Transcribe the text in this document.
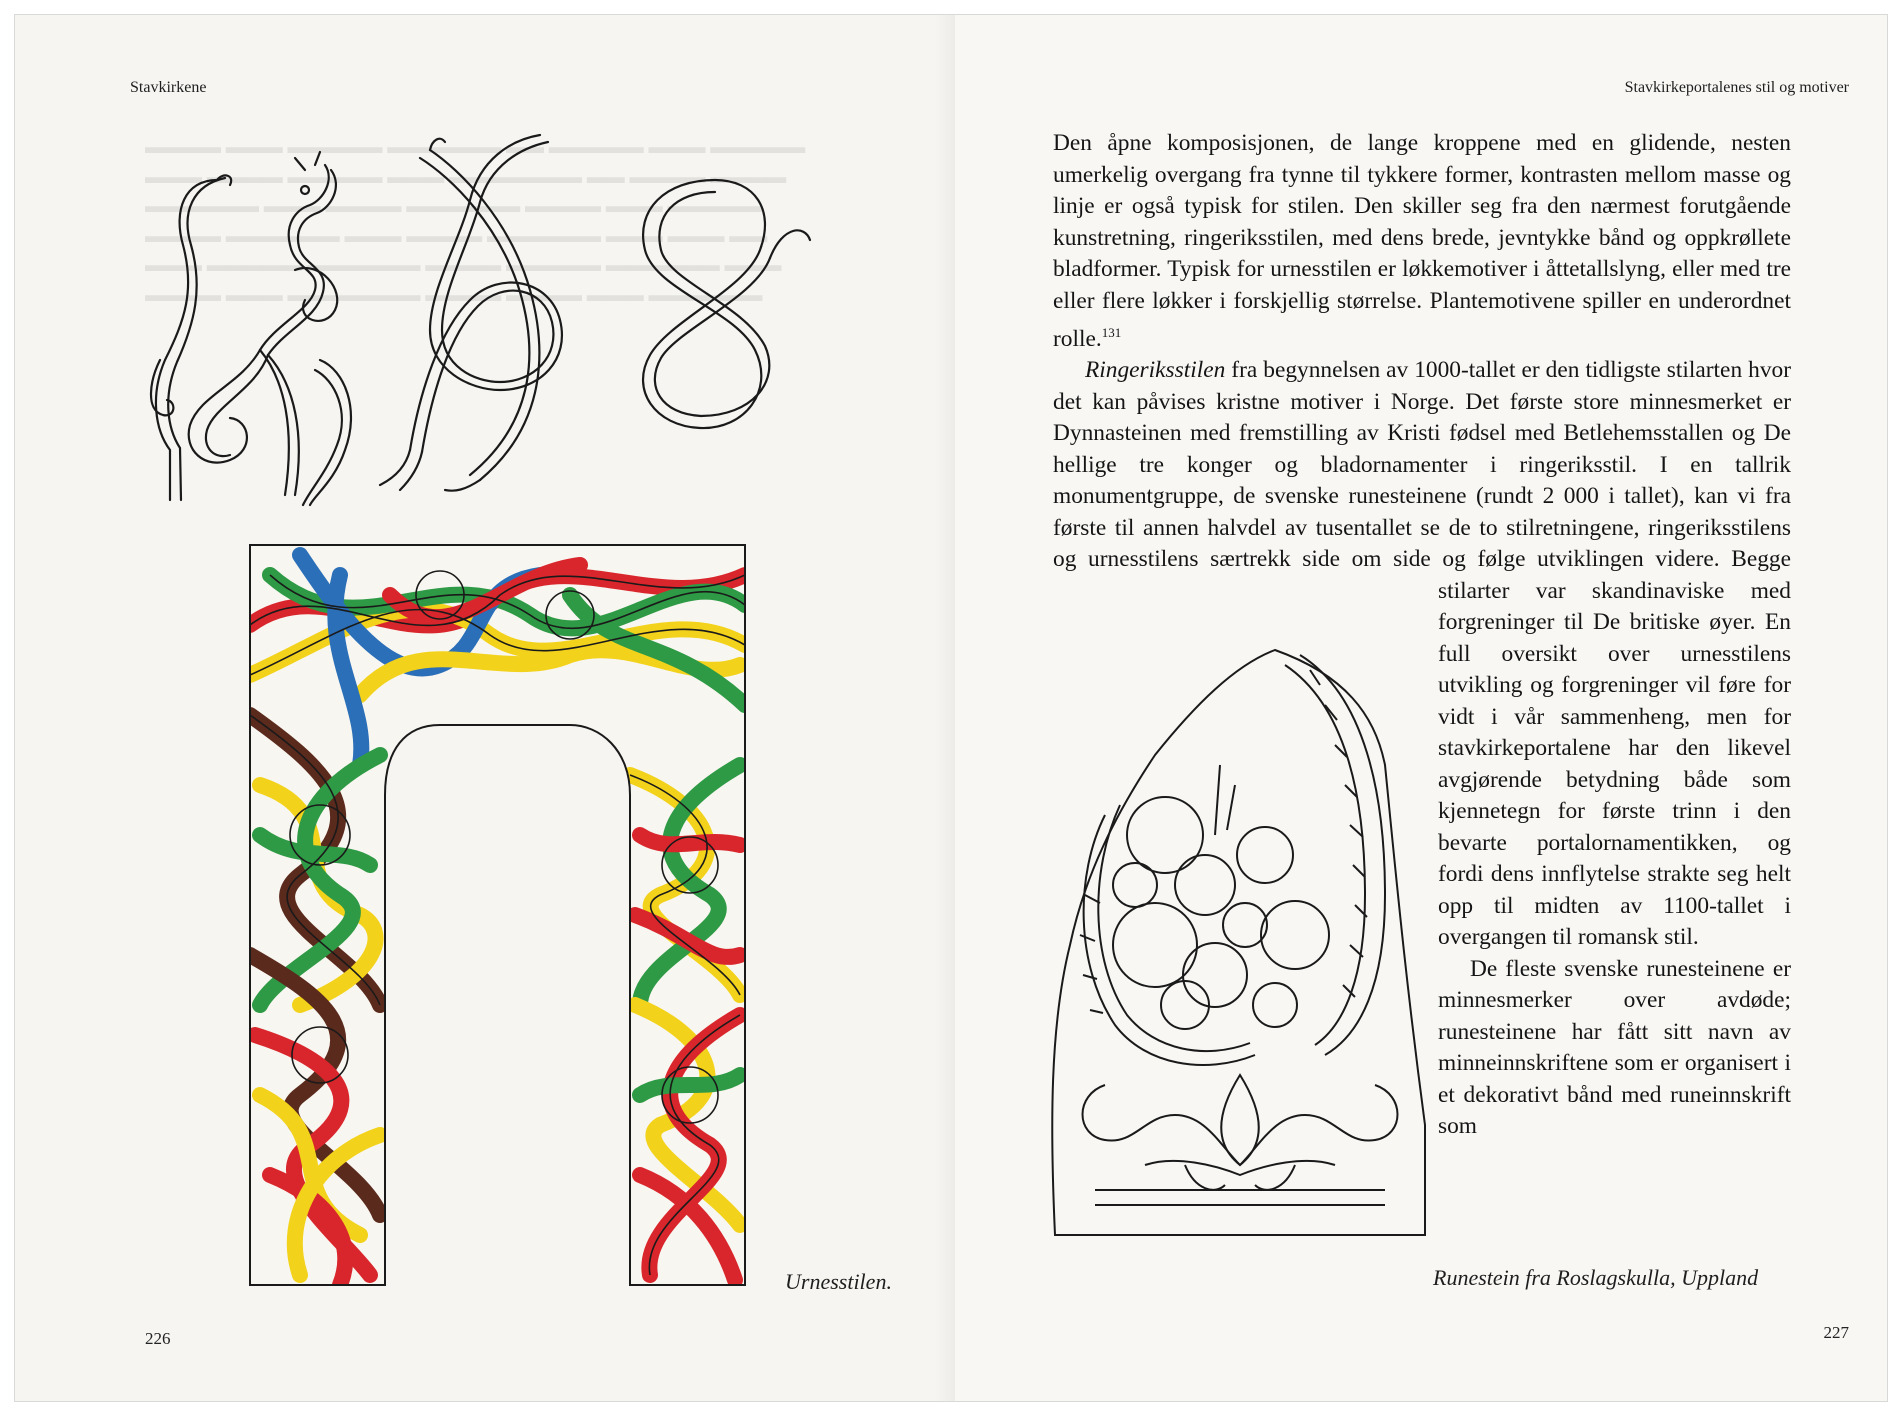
▬▬▬▬ ▬▬▬ ▬▬▬▬▬ ▬▬▬▬▬▬ ▬▬ ▬▬▬▬▬ ▬▬▬ ▬▬▬▬▬
▬▬▬ ▬▬▬▬ ▬▬▬▬▬ ▬▬▬ ▬▬▬▬▬▬▬ ▬▬ ▬▬▬▬ ▬▬▬▬
▬▬▬▬▬▬ ▬▬▬ ▬▬▬▬ ▬▬▬▬▬▬ ▬▬▬▬ ▬▬▬ ▬▬▬▬▬
▬▬▬▬ ▬▬▬▬▬▬ ▬▬▬ ▬▬▬▬ ▬▬▬▬▬▬ ▬▬▬ ▬▬▬ ▬▬
▬▬▬ ▬▬▬▬▬ ▬▬▬▬▬▬ ▬▬▬▬ ▬▬▬▬▬ ▬▬▬▬▬▬ ▬▬▬
▬▬▬▬ ▬▬▬ ▬▬▬▬▬▬▬ ▬▬▬▬ ▬▬▬▬ ▬▬▬ ▬▬▬▬▬▬
Stavkirkene
Urnesstilen.
226
Stavkirkeportalenes stil og motiver
227

Den åpne komposisjonen, de lange kroppene med en glidende, nesten umerkelig overgang fra tynne til tykkere former, kontrasten mellom masse og linje er også typisk for stilen. Den skiller seg fra den nærmest forutgående kunstretning, ringeriksstilen, med dens brede, jevntykke bånd og oppkrøllete bladformer. Typisk for urnesstilen er løkkemotiver i åttetallslyng, eller med tre eller flere løkker i forskjellig størrelse. Plantemotivene spiller en underordnet rolle.$^{131}$

Ringeriksstilen fra begynnelsen av 1000-tallet er den tidligste stilarten hvor det kan påvises kristne motiver i Norge. Det første store minnesmerket er Dynnasteinen med fremstilling av Kristi fødsel med Betlehemsstallen og De hellige tre konger og bladornamenter i ringeriksstil. I en tallrik monumentgruppe, de svenske runesteinene (rundt 2 000 i tallet), kan vi fra første til annen halvdel av tusentallet se de to stilretningene, ringeriksstilens og urnesstilens særtrekk side om side og følge utviklingen videre. Begge stilarter
var skandinaviske med forgreninger til De britiske øyer. En full oversikt over urnesstilens utvikling og forgreninger vil føre for vidt i vår sammenheng, men for stavkirkeportalene har den likevel avgjørende betydning både som kjennetegn for første trinn i den bevarte portalornamentikken, og fordi dens innflytelse strakte seg helt opp til midten av 1100-tallet i overgangen til romansk stil.

De fleste svenske runesteinene er minnesmerker over avdøde; runesteinene har fått sitt navn av minneinnskriftene som er organisert i et dekorativt bånd med runeinnskrift som

Runestein fra Roslagskulla, Uppland
